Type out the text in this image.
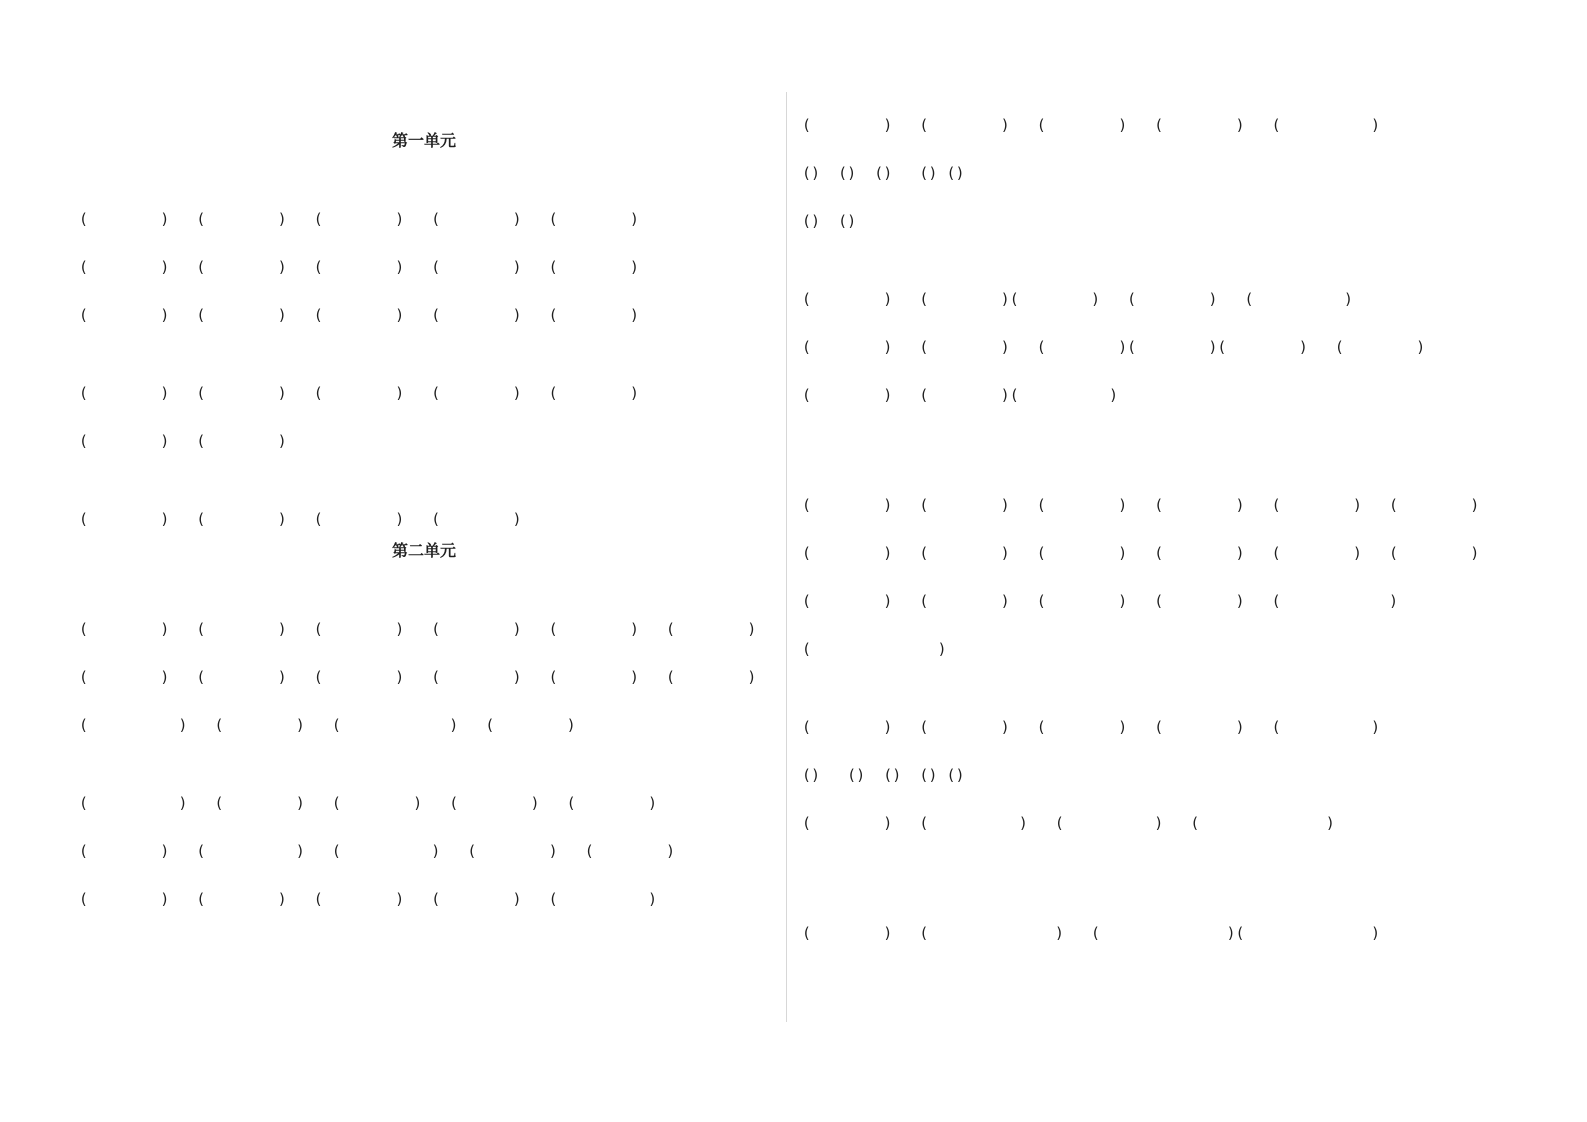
第一单元
(        )   (        )   (        )   (        )   (        )
(        )   (        )   (        )   (        )   (        )
(        )   (        )   (        )   (        )   (        )
(        )   (        )   (        )   (        )   (        )
(        )   (        )
(        )   (        )   (        )   (        )
第二单元
(        )   (        )   (        )   (        )   (        )   (        )
(        )   (        )   (        )   (        )   (        )   (        )
(          )   (        )   (            )   (        )
(          )   (        )   (        )   (        )   (        )
(        )   (          )   (          )   (        )   (        )
(        )   (        )   (        )   (        )   (          )
(        )   (        )   (        )   (        )   (          )
()  ()  ()   () ()
()  ()
(        )   (        )(        )   (        )   (          )
(        )   (        )   (        )(        )(        )   (        )
(        )   (        )(          )
(        )   (        )   (        )   (        )   (        )   (        )
(        )   (        )   (        )   (        )   (        )   (        )
(        )   (        )   (        )   (        )   (            )
(              )
(        )   (        )   (        )   (        )   (          )
()   ()  ()  () ()
(        )   (          )   (          )   (              )
(        )   (              )   (              )(              )
